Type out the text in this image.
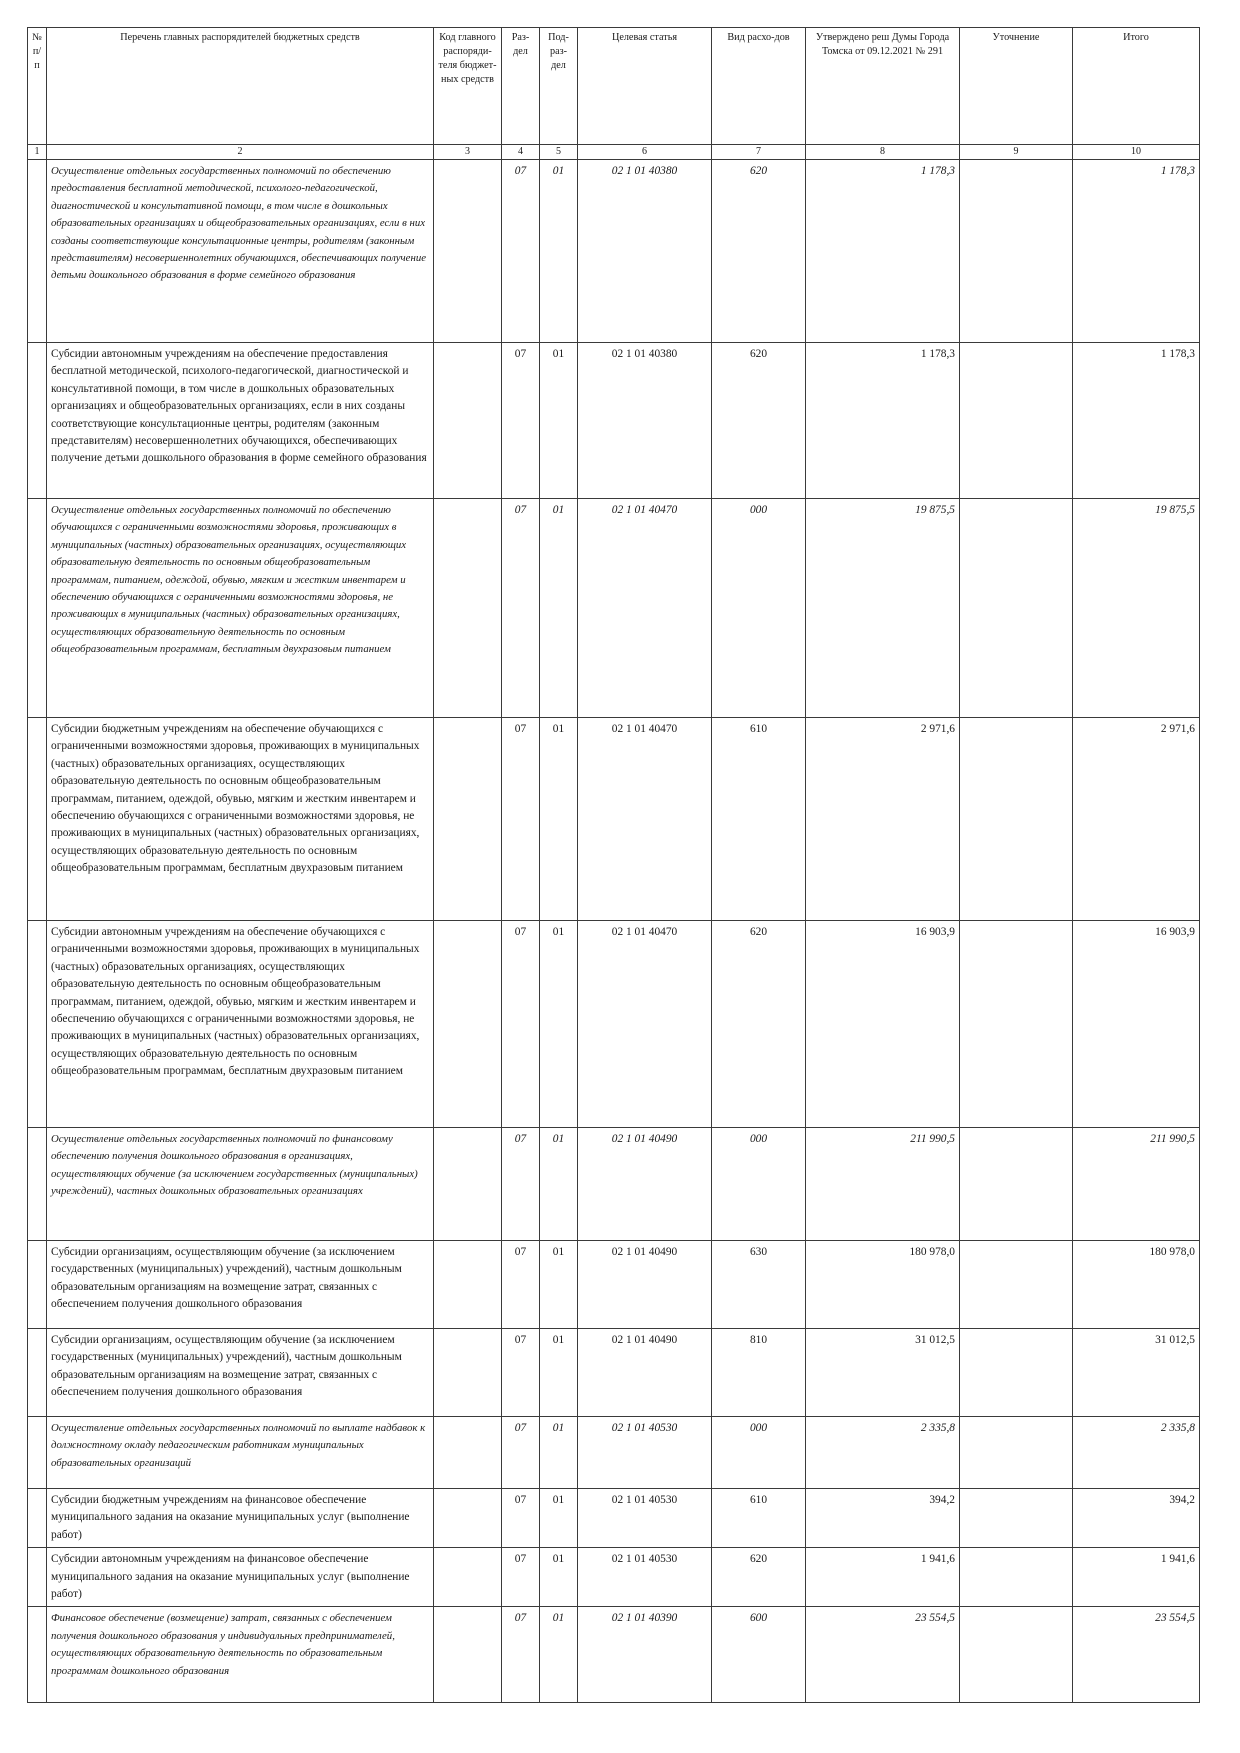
№ п/п	Перечень главных распорядителей бюджетных средств	Код главного распоряди-теля бюджет-ных средств	Раз-дел	Под-раз-дел	Целевая статья	Вид расхо-дов	Утверждено реш Думы Города Томска от 09.12.2021 № 291	Уточнение	Итого
1	2	3	4	5	6	7	8	9	10
	Осуществление отдельных государственных полномочий по обеспечению предоставления бесплатной методической, психолого-педагогической, диагностической и консультативной помощи, в том числе в дошкольных образовательных организациях и общеобразовательных организациях, если в них созданы соответствующие консультационные центры, родителям (законным представителям) несовершеннолетних обучающихся, обеспечивающих получение детьми дошкольного образования в форме семейного образования		07	01	02 1 01 40380	620	1 178,3		1 178,3
	Субсидии автономным учреждениям на обеспечение предоставления бесплатной методической, психолого-педагогической, диагностической и консультативной помощи, в том числе в дошкольных образовательных организациях и общеобразовательных организациях, если в них созданы соответствующие консультационные центры, родителям (законным представителям) несовершеннолетних обучающихся, обеспечивающих получение детьми дошкольного образования в форме семейного образования		07	01	02 1 01 40380	620	1 178,3		1 178,3
	Осуществление отдельных государственных полномочий по обеспечению обучающихся с ограниченными возможностями здоровья, проживающих в муниципальных (частных) образовательных организациях, осуществляющих образовательную деятельность по основным общеобразовательным программам, питанием, одеждой, обувью, мягким и жестким инвентарем и обеспечению обучающихся с ограниченными возможностями здоровья, не проживающих в муниципальных (частных) образовательных организациях, осуществляющих образовательную деятельность по основным общеобразовательным программам, бесплатным двухразовым питанием		07	01	02 1 01 40470	000	19 875,5		19 875,5
	Субсидии бюджетным учреждениям на обеспечение обучающихся с ограниченными возможностями здоровья, проживающих в муниципальных (частных) образовательных организациях, осуществляющих образовательную деятельность по основным общеобразовательным программам, питанием, одеждой, обувью, мягким и жестким инвентарем и обеспечению обучающихся с ограниченными возможностями здоровья, не проживающих в муниципальных (частных) образовательных организациях, осуществляющих образовательную деятельность по основным общеобразовательным программам, бесплатным двухразовым питанием		07	01	02 1 01 40470	610	2 971,6		2 971,6
	Субсидии автономным учреждениям на обеспечение обучающихся с ограниченными возможностями здоровья, проживающих в муниципальных (частных) образовательных организациях, осуществляющих образовательную деятельность по основным общеобразовательным программам, питанием, одеждой, обувью, мягким и жестким инвентарем и обеспечению обучающихся с ограниченными возможностями здоровья, не проживающих в муниципальных (частных) образовательных организациях, осуществляющих образовательную деятельность по основным общеобразовательным программам, бесплатным двухразовым питанием		07	01	02 1 01 40470	620	16 903,9		16 903,9
	Осуществление отдельных государственных полномочий по финансовому обеспечению получения дошкольного образования в организациях, осуществляющих обучение (за исключением государственных (муниципальных) учреждений), частных дошкольных образовательных организациях		07	01	02 1 01 40490	000	211 990,5		211 990,5
	Субсидии организациям, осуществляющим обучение (за исключением государственных (муниципальных) учреждений), частным дошкольным образовательным организациям на возмещение затрат, связанных с обеспечением получения дошкольного образования		07	01	02 1 01 40490	630	180 978,0		180 978,0
	Субсидии организациям, осуществляющим обучение (за исключением государственных (муниципальных) учреждений), частным дошкольным образовательным организациям на возмещение затрат, связанных с обеспечением получения дошкольного образования		07	01	02 1 01 40490	810	31 012,5		31 012,5
	Осуществление отдельных государственных полномочий по выплате надбавок к должностному окладу педагогическим работникам муниципальных образовательных организаций		07	01	02 1 01 40530	000	2 335,8		2 335,8
	Субсидии бюджетным учреждениям на финансовое обеспечение муниципального задания на оказание муниципальных услуг (выполнение работ)		07	01	02 1 01 40530	610	394,2		394,2
	Субсидии автономным учреждениям на финансовое обеспечение муниципального задания на оказание муниципальных услуг (выполнение работ)		07	01	02 1 01 40530	620	1 941,6		1 941,6
	Финансовое обеспечение (возмещение) затрат, связанных с обеспечением получения дошкольного образования у индивидуальных предпринимателей, осуществляющих образовательную деятельность по образовательным программам дошкольного образования		07	01	02 1 01 40390	600	23 554,5		23 554,5
